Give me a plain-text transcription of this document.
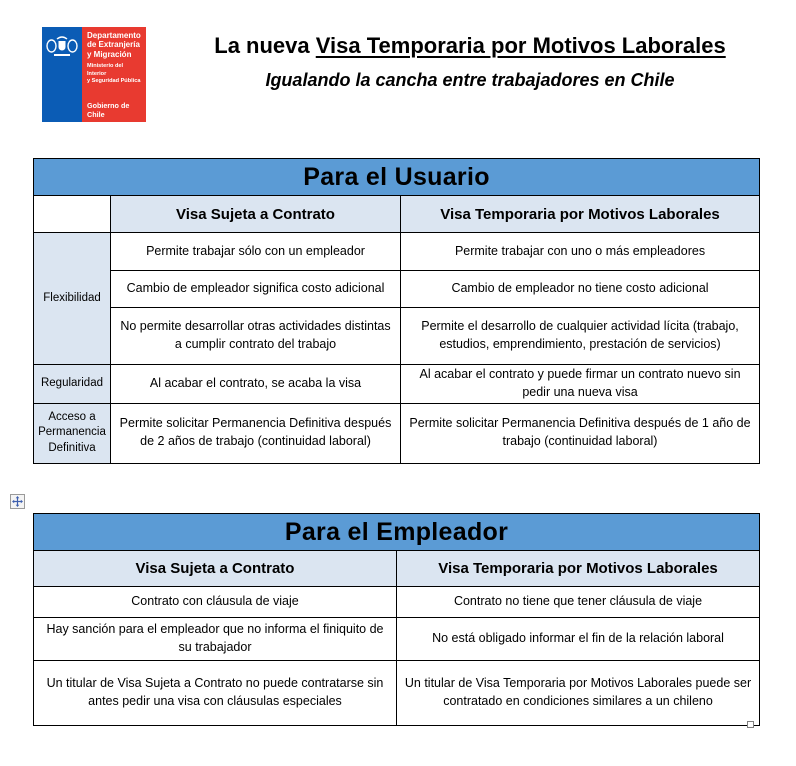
Departamento
de Extranjería
y Migración
Ministerio del Interior
y Seguridad Pública
Gobierno de Chile
La nueva Visa Temporaria por Motivos Laborales
Igualando la cancha entre trabajadores en Chile
Para el Usuario		
	Visa Sujeta a Contrato	Visa Temporaria por Motivos Laborales
Flexibilidad	Permite trabajar sólo con un empleador	Permite trabajar con uno o más empleadores
	Cambio de empleador significa costo adicional	Cambio de empleador no tiene costo adicional
	No permite desarrollar otras actividades distintas a cumplir contrato del trabajo	Permite el desarrollo de cualquier actividad lícita (trabajo, estudios, emprendimiento, prestación de servicios)
Regularidad	Al acabar el contrato, se acaba la visa	Al acabar el contrato y puede firmar un contrato nuevo sin pedir una nueva visa
Acceso a Permanencia Definitiva	Permite solicitar Permanencia Definitiva después de 2 años de trabajo (continuidad laboral)	Permite solicitar Permanencia Definitiva después de 1 año de trabajo (continuidad laboral)
Para el Empleador	
Visa Sujeta a Contrato	Visa Temporaria por Motivos Laborales
Contrato con cláusula de viaje	Contrato no tiene que tener cláusula de viaje
Hay sanción para el empleador que no informa el finiquito de su trabajador	No está obligado informar el fin de la relación laboral
Un titular de Visa Sujeta a Contrato no puede contratarse sin antes pedir una visa con cláusulas especiales	Un titular de Visa Temporaria por Motivos Laborales puede ser contratado en condiciones similares a un chileno
